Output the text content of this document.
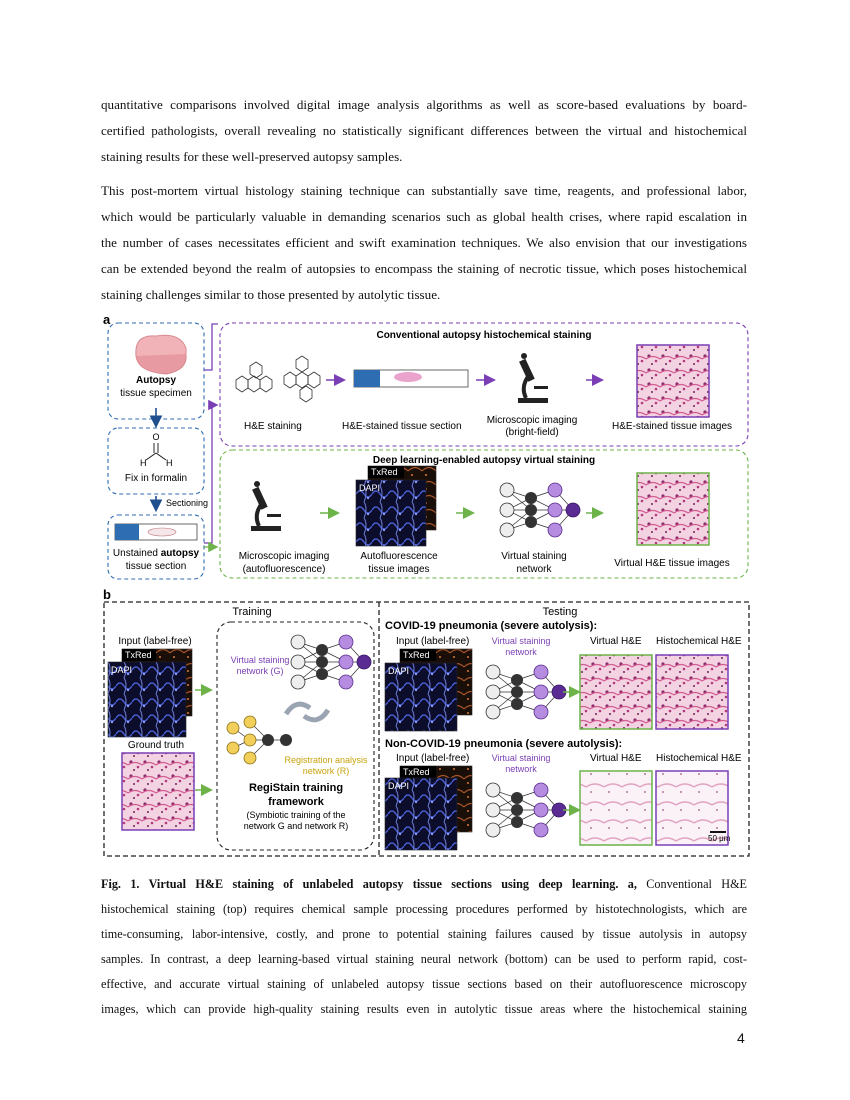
quantitative comparisons involved digital image analysis algorithms as well as score-based evaluations by board-
certified pathologists, overall revealing no statistically significant differences between the virtual and histochemical
staining results for these well-preserved autopsy samples.

This post-mortem virtual histology staining technique can substantially save time, reagents, and professional labor,
which would be particularly valuable in demanding scenarios such as global health crises, where rapid escalation in
the number of cases necessitates efficient and swift examination techniques. We also envision that our investigations
can be extended beyond the realm of autopsies to encompass the staining of necrotic tissue, which poses histochemical
staining challenges similar to those presented by autolytic tissue.

a
Autopsy
tissue specimen
O
H H
Fix in formalin
Sectioning
Unstained autopsy
tissue section
Conventional autopsy histochemical staining
H&E staining	H&E-stained tissue section
Microscopic imaging
(bright-field)
H&E-stained tissue images
Deep learning-enabled autopsy virtual staining
Microscopic imaging
(autofluorescence)
TxRed
DAPI
Autofluorescence
tissue images
Virtual staining
network
Virtual H&E tissue images
b
Training	Testing
Input (label-free)
TxRed
DAPI
Ground truth
Virtual staining
network (G)
Registration analysis
network (R)
RegiStain training
framework
(Symbiotic training of the
network G and network R)
COVID-19 pneumonia (severe autolysis):
Input (label-free) Virtual staining
network
Virtual H&E Histochemical H&E
TxRed
DAPI
Non-COVID-19 pneumonia (severe autolysis):
Input (label-free) Virtual staining
network
Virtual H&E Histochemical H&E
TxRed
DAPI
50 μm

Fig. 1. Virtual H&E staining of unlabeled autopsy tissue sections using deep learning. a, Conventional H&E
histochemical staining (top) requires chemical sample processing procedures performed by histotechnologists, which are
time-consuming, labor-intensive, costly, and prone to potential staining failures caused by tissue autolysis in autopsy
samples. In contrast, a deep learning-based virtual staining neural network (bottom) can be used to perform rapid, cost-
effective, and accurate virtual staining of unlabeled autopsy tissue sections based on their autofluorescence microscopy
images, which can provide high-quality staining results even in autolytic tissue areas where the histochemical staining

4
